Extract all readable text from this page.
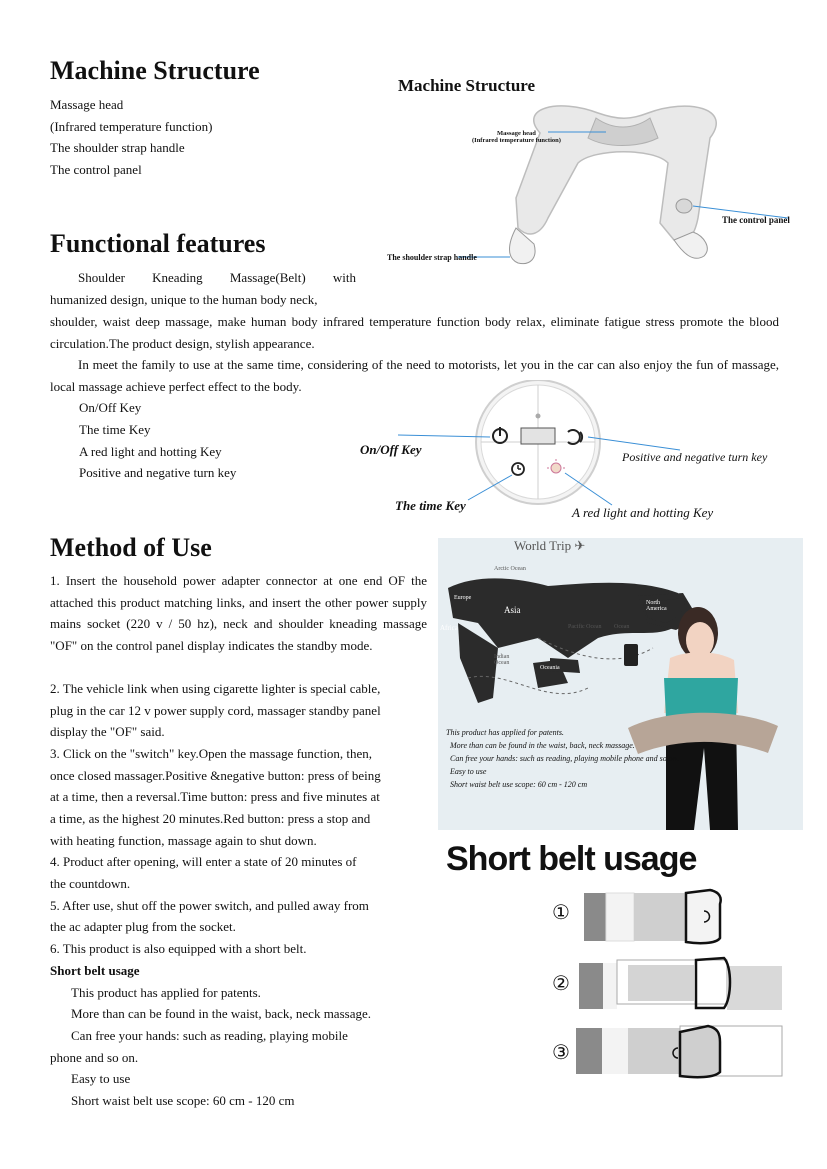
Machine Structure
Massage head
(Infrared temperature function)
The shoulder strap handle
The control panel
Machine Structure
Massage head
(Infrared temperature function)
The control panel
The shoulder strap handle
Functional features
Shoulder Kneading Massage(Belt) with
humanized design, unique to the human body neck,
shoulder, waist deep massage, make human body infrared temperature function body relax, eliminate fatigue stress promote the blood circulation.The product design, stylish appearance.
In meet the family to use at the same time, considering of the need to motorists, let you in the car can also enjoy the fun of massage, local massage achieve perfect effect to the body.
On/Off Key
The time Key
A red light and hotting Key
Positive and negative turn key
On/Off Key	Positive and negative turn key
The time Key	A red light and hotting Key
Method of Use
1. Insert the household power adapter connector at one end OF the attached this product matching links, and insert the other power supply mains socket (220 v / 50 hz), neck and shoulder kneading massage "OF" on the control panel display indicates the standby mode.
2. The vehicle link when using cigarette lighter is special cable,
plug in the car 12 v power supply cord, massager standby panel
display the "OF" said.
3. Click on the "switch" key.Open the massage function, then,
once closed massager.Positive &negative button: press of being
at a time, then a reversal.Time button: press and five minutes at
a time, as the highest 20 minutes.Red button: press a stop and
with heating function, massage again to shut down.
4. Product after opening, will enter a state of 20 minutes of
the countdown.
5. After use, shut off the power switch, and pulled away from
the ac adapter plug from the socket.
6. This product is also equipped with a short belt.
Short belt usage
This product has applied for patents.
More than can be found in the waist, back, neck massage.
Can free your hands: such as reading, playing mobile
phone and so on.
Easy to use
Short waist belt use scope: 60 cm - 120 cm
World Trip ✈
Arctic Ocean
Europe
Asia
North America
Africa	Pacific Ocean Ocean
Indian Ocean
Oceania
This product has applied for patents.
More than can be found in the waist, back, neck massage.
Can free your hands: such as reading, playing mobile phone and so on.
Easy to use
Short waist belt use scope: 60 cm - 120 cm
Short belt usage
①
②
③
